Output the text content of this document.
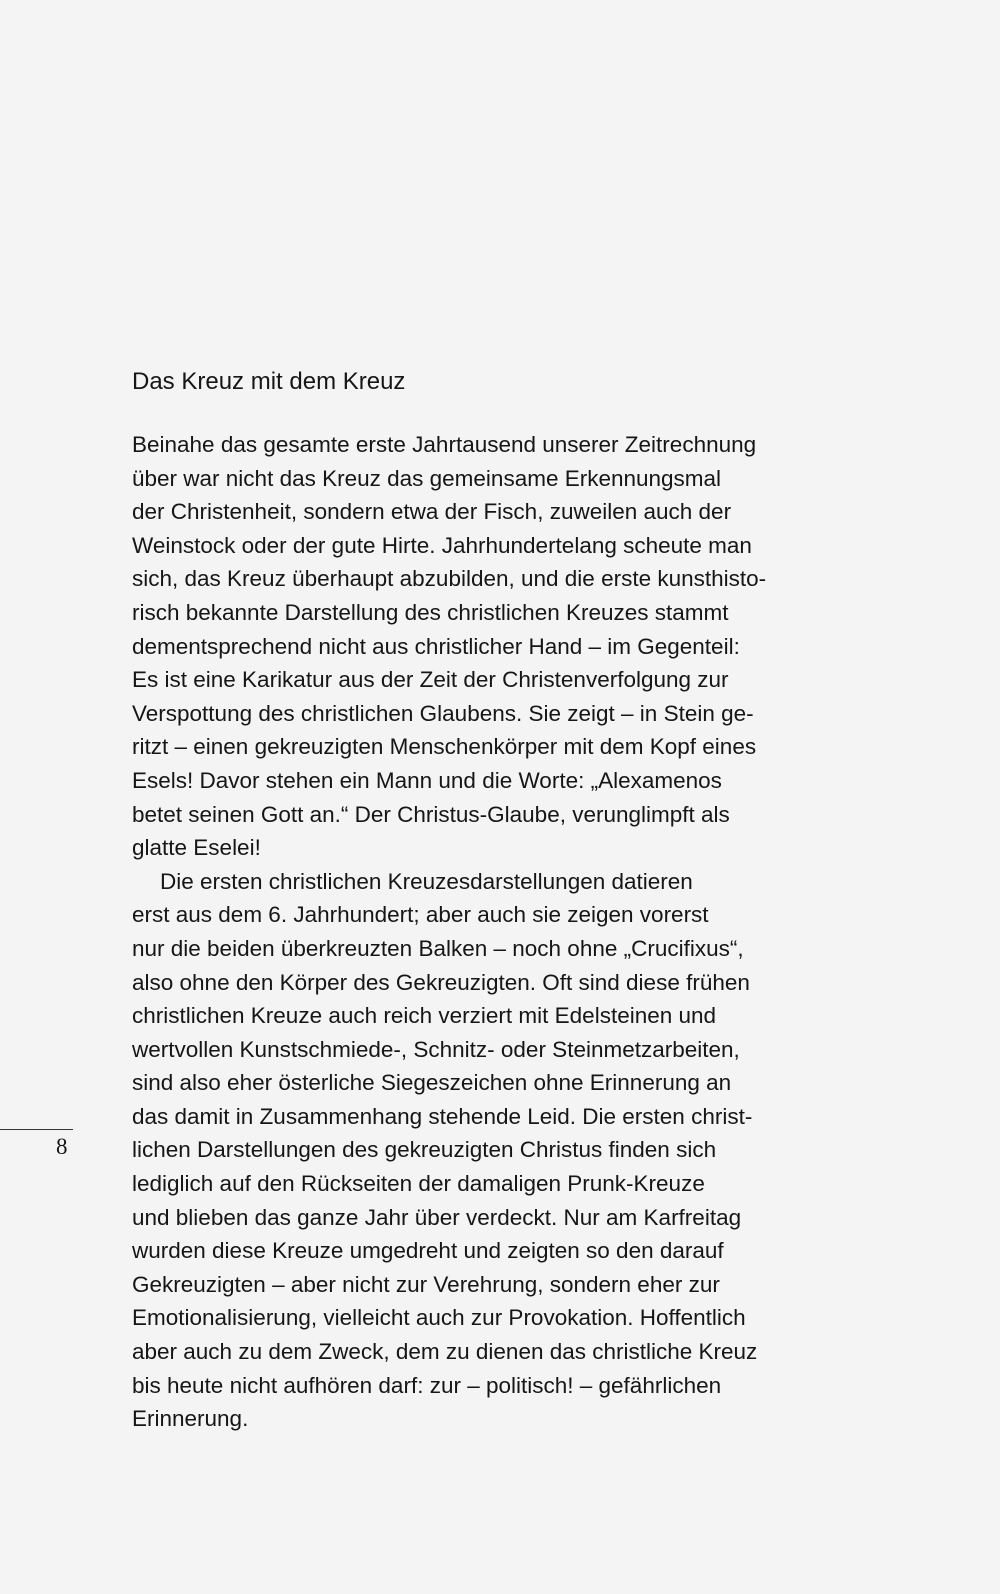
Das Kreuz mit dem Kreuz
Beinahe das gesamte erste Jahrtausend unserer Zeitrechnung
über war nicht das Kreuz das gemeinsame Erkennungsmal
der Christenheit, sondern etwa der Fisch, zuweilen auch der
Weinstock oder der gute Hirte. Jahrhundertelang scheute man
sich, das Kreuz überhaupt abzubilden, und die erste kunsthisto-
risch bekannte Darstellung des christlichen Kreuzes stammt
dementsprechend nicht aus christlicher Hand – im Gegenteil:
Es ist eine Karikatur aus der Zeit der Christenverfolgung zur
Verspottung des christlichen Glaubens. Sie zeigt – in Stein ge-
ritzt – einen gekreuzigten Menschenkörper mit dem Kopf eines
Esels! Davor stehen ein Mann und die Worte: „Alexamenos
betet seinen Gott an.“ Der Christus-Glaube, verunglimpft als
glatte Eselei!
Die ersten christlichen Kreuzesdarstellungen datieren
erst aus dem 6. Jahrhundert; aber auch sie zeigen vorerst
nur die beiden überkreuzten Balken – noch ohne „Crucifixus“,
also ohne den Körper des Gekreuzigten. Oft sind diese frühen
christlichen Kreuze auch reich verziert mit Edelsteinen und
wertvollen Kunstschmiede-, Schnitz- oder Steinmetzarbeiten,
sind also eher österliche Siegeszeichen ohne Erinnerung an
das damit in Zusammenhang stehende Leid. Die ersten christ-
lichen Darstellungen des gekreuzigten Christus finden sich
lediglich auf den Rückseiten der damaligen Prunk-Kreuze
und blieben das ganze Jahr über verdeckt. Nur am Karfreitag
wurden diese Kreuze umgedreht und zeigten so den darauf
Gekreuzigten – aber nicht zur Verehrung, sondern eher zur
Emotionalisierung, vielleicht auch zur Provokation. Hoffentlich
aber auch zu dem Zweck, dem zu dienen das christliche Kreuz
bis heute nicht aufhören darf: zur – politisch! – gefährlichen
Erinnerung.
8
